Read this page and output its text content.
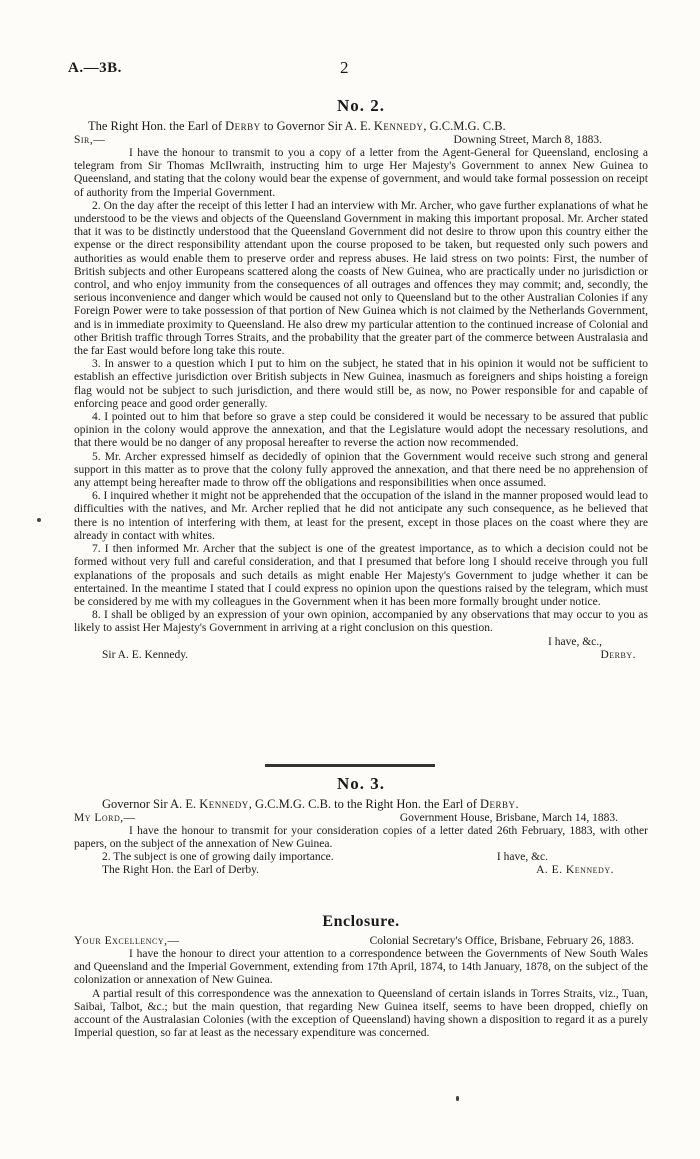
A.—3B.	2
No. 2.

The Right Hon. the Earl of Derby to Governor Sir A. E. Kennedy, G.C.M.G. C.B.

Sir,—	Downing Street, March 8, 1883.

I have the honour to transmit to you a copy of a letter from the Agent-General for Queensland, enclosing a telegram from Sir Thomas McIlwraith, instructing him to urge Her Majesty's Government to annex New Guinea to Queensland, and stating that the colony would bear the expense of government, and would take formal possession on receipt of authority from the Imperial Government.

2. On the day after the receipt of this letter I had an interview with Mr. Archer, who gave further explanations of what he understood to be the views and objects of the Queensland Government in making this important proposal. Mr. Archer stated that it was to be distinctly understood that the Queensland Government did not desire to throw upon this country either the expense or the direct responsibility attendant upon the course proposed to be taken, but requested only such powers and authorities as would enable them to preserve order and repress abuses. He laid stress on two points: First, the number of British subjects and other Europeans scattered along the coasts of New Guinea, who are practically under no jurisdiction or control, and who enjoy immunity from the consequences of all outrages and offences they may commit; and, secondly, the serious inconvenience and danger which would be caused not only to Queensland but to the other Australian Colonies if any Foreign Power were to take possession of that portion of New Guinea which is not claimed by the Netherlands Government, and is in immediate proximity to Queensland. He also drew my particular attention to the continued increase of Colonial and other British traffic through Torres Straits, and the probability that the greater part of the commerce between Australasia and the far East would before long take this route.

3. In answer to a question which I put to him on the subject, he stated that in his opinion it would not be sufficient to establish an effective jurisdiction over British subjects in New Guinea, inasmuch as foreigners and ships hoisting a foreign flag would not be subject to such jurisdiction, and there would still be, as now, no Power responsible for and capable of enforcing peace and good order generally.

4. I pointed out to him that before so grave a step could be considered it would be necessary to be assured that public opinion in the colony would approve the annexation, and that the Legislature would adopt the necessary resolutions, and that there would be no danger of any proposal hereafter to reverse the action now recommended.

5. Mr. Archer expressed himself as decidedly of opinion that the Government would receive such strong and general support in this matter as to prove that the colony fully approved the annexation, and that there need be no apprehension of any attempt being hereafter made to throw off the obligations and responsibilities when once assumed.

6. I inquired whether it might not be apprehended that the occupation of the island in the manner proposed would lead to difficulties with the natives, and Mr. Archer replied that he did not anticipate any such consequence, as he believed that there is no intention of interfering with them, at least for the present, except in those places on the coast where they are already in contact with whites.

7. I then informed Mr. Archer that the subject is one of the greatest importance, as to which a decision could not be formed without very full and careful consideration, and that I presumed that before long I should receive through you full explanations of the proposals and such details as might enable Her Majesty's Government to judge whether it can be entertained. In the meantime I stated that I could express no opinion upon the questions raised by the telegram, which must be considered by me with my colleagues in the Government when it has been more formally brought under notice.

8. I shall be obliged by an expression of your own opinion, accompanied by any observations that may occur to you as likely to assist Her Majesty's Government in arriving at a right conclusion on this question.

I have, &c.,
Sir A. E. Kennedy.	Derby.
No. 3.

Governor Sir A. E. Kennedy, G.C.M.G. C.B. to the Right Hon. the Earl of Derby.

My Lord,—	Government House, Brisbane, March 14, 1883.

I have the honour to transmit for your consideration copies of a letter dated 26th February, 1883, with other papers, on the subject of the annexation of New Guinea.

2. The subject is one of growing daily importance.	I have, &c.
The Right Hon. the Earl of Derby.	A. E. Kennedy.
Enclosure.
Your Excellency,—	Colonial Secretary's Office, Brisbane, February 26, 1883.

I have the honour to direct your attention to a correspondence between the Governments of New South Wales and Queensland and the Imperial Government, extending from 17th April, 1874, to 14th January, 1878, on the subject of the colonization or annexation of New Guinea.

A partial result of this correspondence was the annexation to Queensland of certain islands in Torres Straits, viz., Tuan, Saibai, Talbot, &c.; but the main question, that regarding New Guinea itself, seems to have been dropped, chiefly on account of the Australasian Colonies (with the exception of Queensland) having shown a disposition to regard it as a purely Imperial question, so far at least as the necessary expenditure was concerned.
